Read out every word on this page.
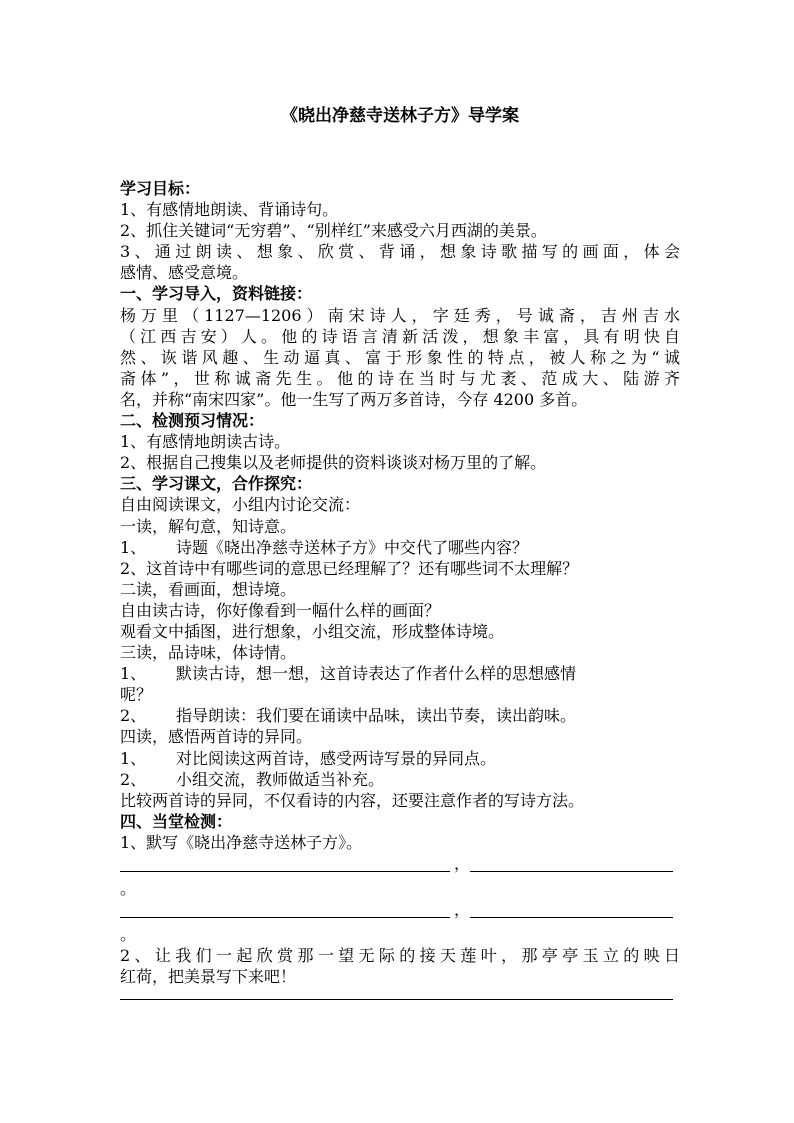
《晓出净慈寺送林子方》导学案
学习目标：
1、有感情地朗读、背诵诗句。
2、抓住关键词“无穷碧”、“别样红”来感受六月西湖的美景。
3、通过朗读、想象、欣赏、背诵，想象诗歌描写的画面，体会
感情、感受意境。
一、学习导入，资料链接：
杨万里（1127—1206）南宋诗人，字廷秀，号诚斋，吉州吉水
（江西吉安）人。他的诗语言清新活泼，想象丰富，具有明快自
然、诙谐风趣、生动逼真、富于形象性的特点，被人称之为“诚
斋体”，世称诚斋先生。他的诗在当时与尤袤、范成大、陆游齐
名，并称“南宋四家”。他一生写了两万多首诗，今存 4200 多首。
二、检测预习情况：
1、有感情地朗读古诗。
2、根据自己搜集以及老师提供的资料谈谈对杨万里的了解。
三、学习课文，合作探究：
自由阅读课文，小组内讨论交流：
一读，解句意，知诗意。
1、 诗题《晓出净慈寺送林子方》中交代了哪些内容？
2、这首诗中有哪些词的意思已经理解了？还有哪些词不太理解？
二读，看画面，想诗境。
自由读古诗，你好像看到一幅什么样的画面？
观看文中插图，进行想象，小组交流，形成整体诗境。
三读，品诗味，体诗情。
1、 默读古诗，想一想，这首诗表达了作者什么样的思想感情
呢？
2、 指导朗读：我们要在诵读中品味，读出节奏，读出韵味。
四读，感悟两首诗的异同。
1、 对比阅读这两首诗，感受两诗写景的异同点。
2、 小组交流，教师做适当补充。
比较两首诗的异同，不仅看诗的内容，还要注意作者的写诗方法。
四、当堂检测：
1、默写《晓出净慈寺送林子方》。
，
。
，
。
2、让我们一起欣赏那一望无际的接天莲叶，那亭亭玉立的映日
红荷，把美景写下来吧！
